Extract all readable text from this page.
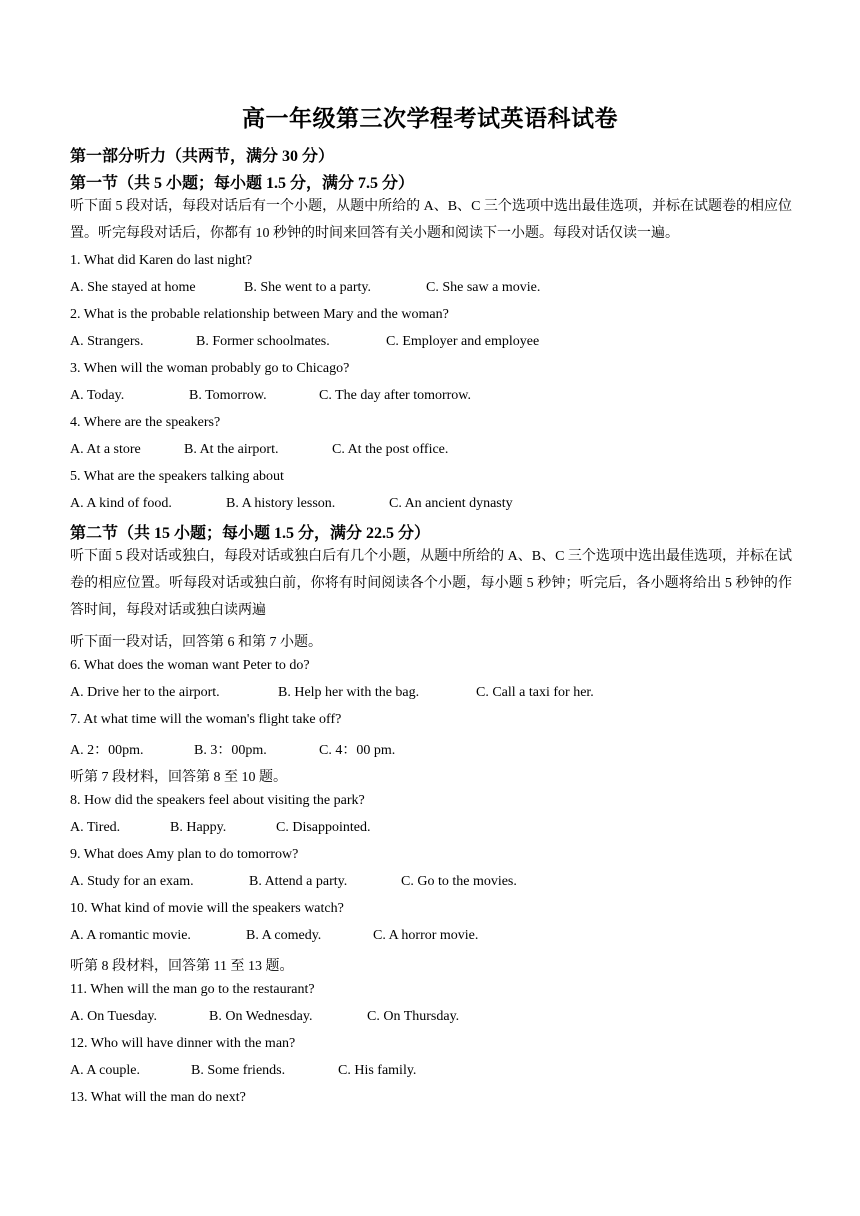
高一年级第三次学程考试英语科试卷
第一部分听力（共两节，满分 30 分）
第一节（共 5 小题；每小题 1.5 分，满分 7.5 分）
听下面 5 段对话，每段对话后有一个小题，从题中所给的 A、B、C 三个选项中选出最佳选项，并标在试题卷的相应位置。听完每段对话后，你都有 10 秒钟的时间来回答有关小题和阅读下一小题。每段对话仅读一遍。
1. What did Karen do last night?
A. She stayed at home	B. She went to a party.	C. She saw a movie.
2. What is the probable relationship between Mary and the woman?
A. Strangers.	B. Former schoolmates.	C. Employer and employee
3. When will the woman probably go to Chicago?
A. Today.	B. Tomorrow.	C. The day after tomorrow.
4. Where are the speakers?
A. At a store	B. At the airport.	C. At the post office.
5. What are the speakers talking about
A. A kind of food.	B. A history lesson.	C. An ancient dynasty
第二节（共 15 小题；每小题 1.5 分，满分 22.5 分）
听下面 5 段对话或独白，每段对话或独白后有几个小题，从题中所给的 A、B、C 三个选项中选出最佳选项，并标在试卷的相应位置。听每段对话或独白前，你将有时间阅读各个小题，每小题 5 秒钟；听完后，各小题将给出 5 秒钟的作答时间，每段对话或独白读两遍
听下面一段对话，回答第 6 和第 7 小题。
6. What does the woman want Peter to do?
A. Drive her to the airport.	B. Help her with the bag.	C. Call a taxi for her.
7. At what time will the woman's flight take off?
A. 2：00pm.	B. 3：00pm.	C. 4：00 pm.
听第 7 段材料，回答第 8 至 10 题。
8. How did the speakers feel about visiting the park?
A. Tired.	B. Happy.	C. Disappointed.
9. What does Amy plan to do tomorrow?
A. Study for an exam.	B. Attend a party.	C. Go to the movies.
10. What kind of movie will the speakers watch?
A. A romantic movie.	B. A comedy.	C. A horror movie.
听第 8 段材料，回答第 11 至 13 题。
11. When will the man go to the restaurant?
A. On Tuesday.	B. On Wednesday.	C. On Thursday.
12. Who will have dinner with the man?
A. A couple.	B. Some friends.	C. His family.
13. What will the man do next?
